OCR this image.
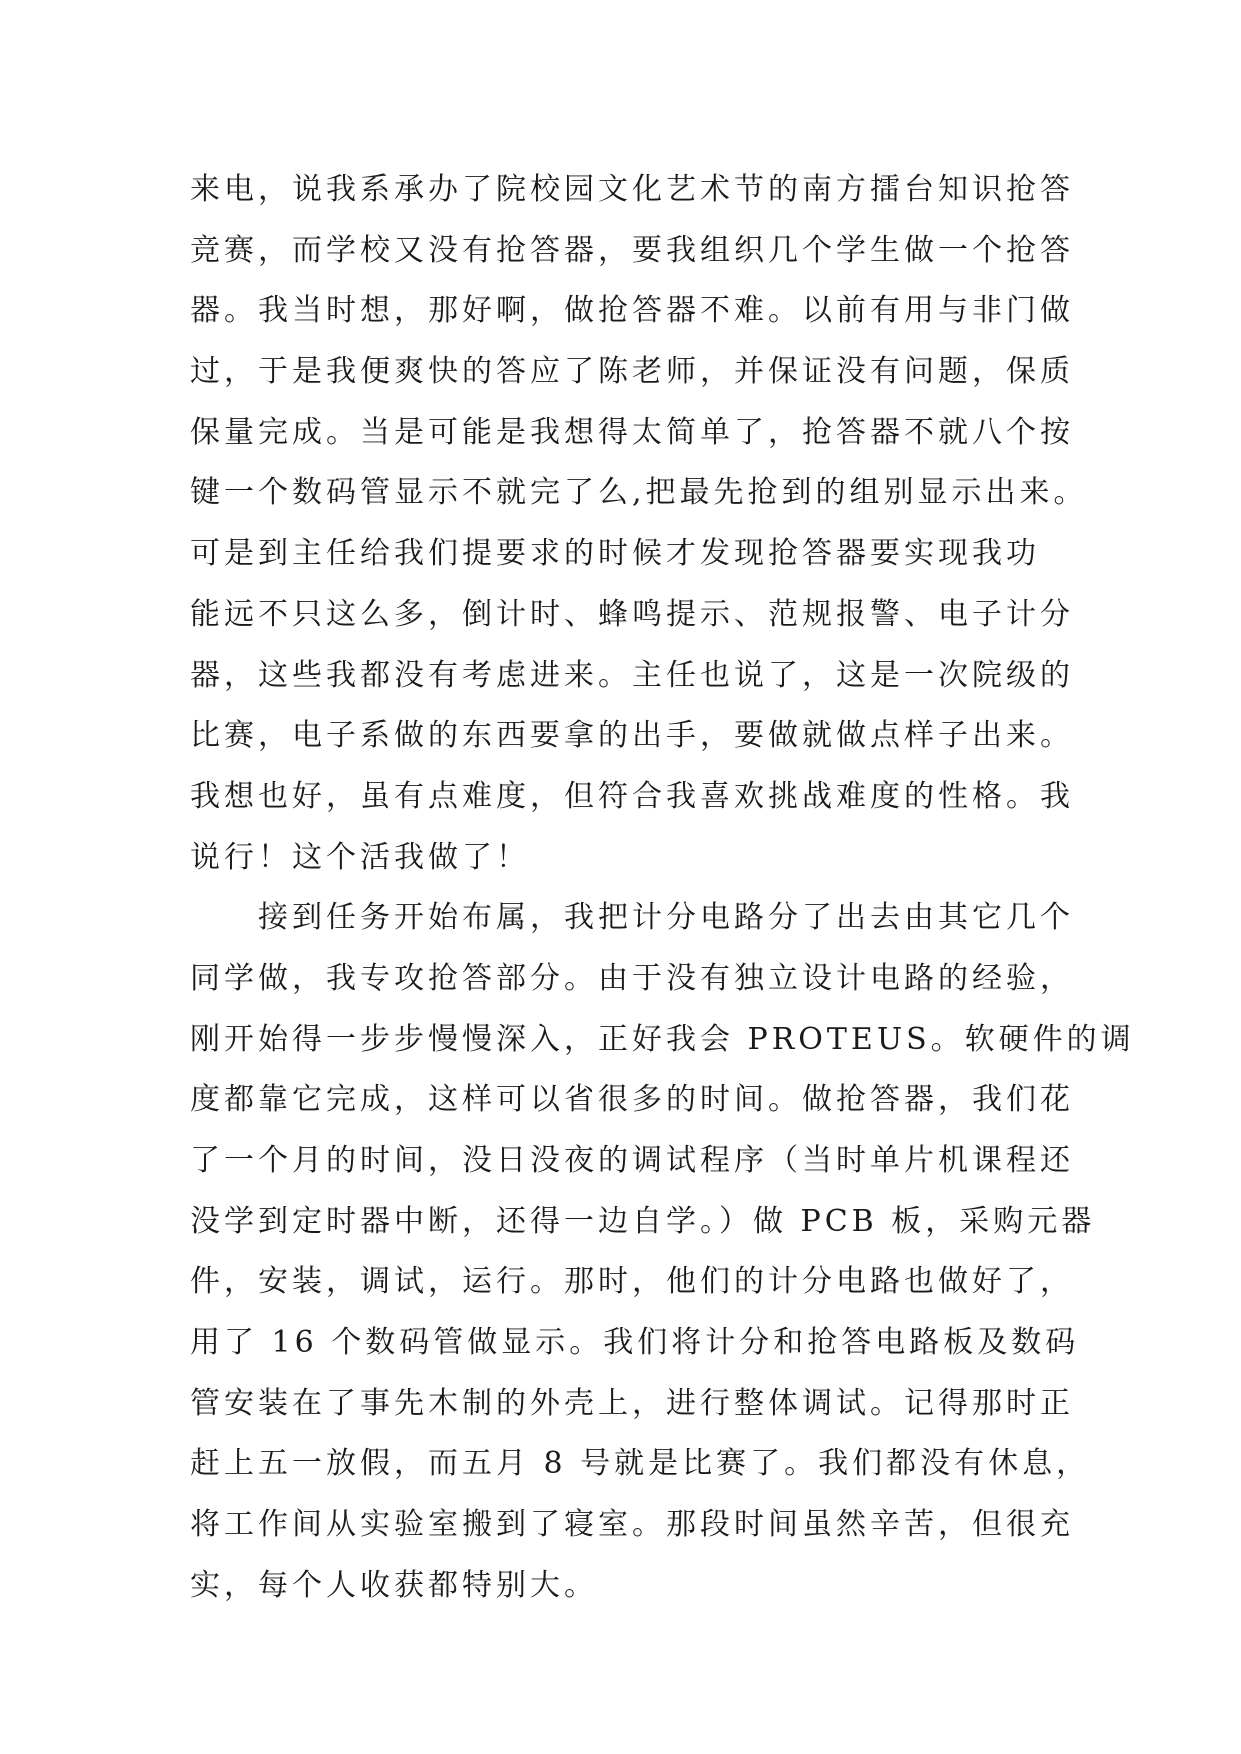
来电，说我系承办了院校园文化艺术节的南方擂台知识抢答
竞赛，而学校又没有抢答器，要我组织几个学生做一个抢答
器。我当时想，那好啊，做抢答器不难。以前有用与非门做
过，于是我便爽快的答应了陈老师，并保证没有问题，保质
保量完成。当是可能是我想得太简单了，抢答器不就八个按
键一个数码管显示不就完了么,把最先抢到的组别显示出来。
可是到主任给我们提要求的时候才发现抢答器要实现我功
能远不只这么多，倒计时、蜂鸣提示、范规报警、电子计分
器，这些我都没有考虑进来。主任也说了，这是一次院级的
比赛，电子系做的东西要拿的出手，要做就做点样子出来。
我想也好，虽有点难度，但符合我喜欢挑战难度的性格。我
说行！这个活我做了！
接到任务开始布属，我把计分电路分了出去由其它几个
同学做，我专攻抢答部分。由于没有独立设计电路的经验，
刚开始得一步步慢慢深入，正好我会 PROTEUS。软硬件的调
度都靠它完成，这样可以省很多的时间。做抢答器，我们花
了一个月的时间，没日没夜的调试程序（当时单片机课程还
没学到定时器中断，还得一边自学。）做 PCB 板，采购元器
件，安装，调试，运行。那时，他们的计分电路也做好了，
用了 16 个数码管做显示。我们将计分和抢答电路板及数码
管安装在了事先木制的外壳上，进行整体调试。记得那时正
赶上五一放假，而五月 8 号就是比赛了。我们都没有休息，
将工作间从实验室搬到了寝室。那段时间虽然辛苦，但很充
实，每个人收获都特别大。
